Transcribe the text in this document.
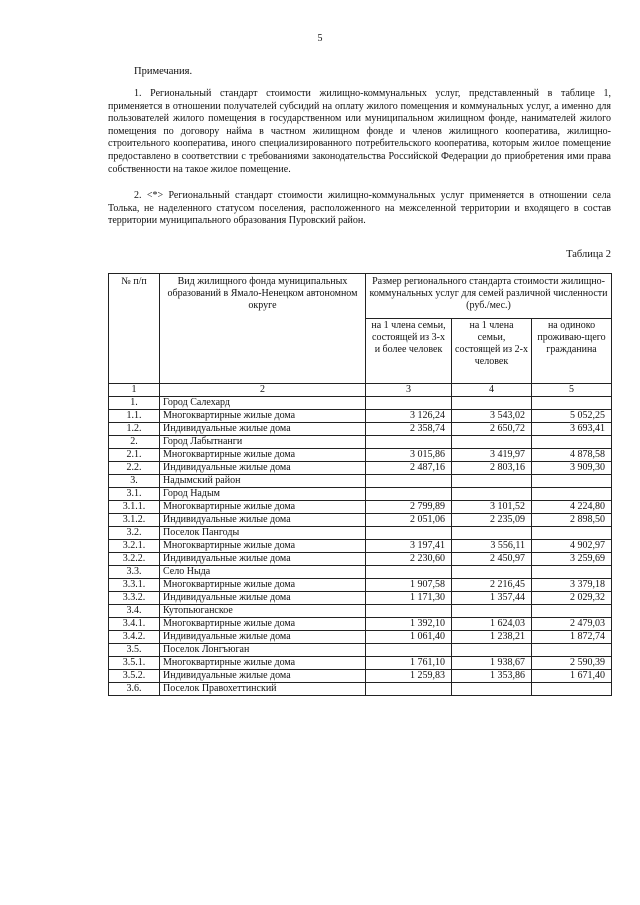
5
Примечания.
1. Региональный стандарт стоимости жилищно-коммунальных услуг, представленный в таблице 1, применяется в отношении получателей субсидий на оплату жилого помещения и коммунальных услуг, а именно для пользователей жилого помещения в государственном или муниципальном жилищном фонде, нанимателей жилого помещения по договору найма в частном жилищном фонде и членов жилищного кооператива, жилищно-строительного кооператива, иного специализированного потребительского кооператива, которым жилое помещение предоставлено в соответствии с требованиями законодательства Российской Федерации до приобретения ими права собственности на такое жилое помещение.
2. <*> Региональный стандарт стоимости жилищно-коммунальных услуг применяется в отношении села Толька, не наделенного статусом поселения, расположенного на межселенной территории и входящего в состав территории муниципального образования Пуровский район.
Таблица 2
№ п/п	Вид жилищного фонда муниципальных образований в Ямало-Ненецком автономном округе	Размер регионального стандарта стоимости жилищно-коммунальных услуг для семей различной численности (руб./мес.)		
		на 1 члена семьи, состоящей из 3-х и более человек	на 1 члена семьи, состоящей из 2-х человек	на одиноко проживаю-щего гражданина
1	2	3	4	5
1.	Город Салехард			
1.1.	Многоквартирные жилые дома	3 126,24	3 543,02	5 052,25
1.2.	Индивидуальные жилые дома	2 358,74	2 650,72	3 693,41
2.	Город Лабытнанги			
2.1.	Многоквартирные жилые дома	3 015,86	3 419,97	4 878,58
2.2.	Индивидуальные жилые дома	2 487,16	2 803,16	3 909,30
3.	Надымский район			
3.1.	Город Надым			
3.1.1.	Многоквартирные жилые дома	2 799,89	3 101,52	4 224,80
3.1.2.	Индивидуальные жилые дома	2 051,06	2 235,09	2 898,50
3.2.	Поселок Пангоды			
3.2.1.	Многоквартирные жилые дома	3 197,41	3 556,11	4 902,97
3.2.2.	Индивидуальные жилые дома	2 230,60	2 450,97	3 259,69
3.3.	Село Ныда			
3.3.1.	Многоквартирные жилые дома	1 907,58	2 216,45	3 379,18
3.3.2.	Индивидуальные жилые дома	1 171,30	1 357,44	2 029,32
3.4.	Кутопьюганское			
3.4.1.	Многоквартирные жилые дома	1 392,10	1 624,03	2 479,03
3.4.2.	Индивидуальные жилые дома	1 061,40	1 238,21	1 872,74
3.5.	Поселок Лонгъюган			
3.5.1.	Многоквартирные жилые дома	1 761,10	1 938,67	2 590,39
3.5.2.	Индивидуальные жилые дома	1 259,83	1 353,86	1 671,40
3.6.	Поселок Правохеттинский			
